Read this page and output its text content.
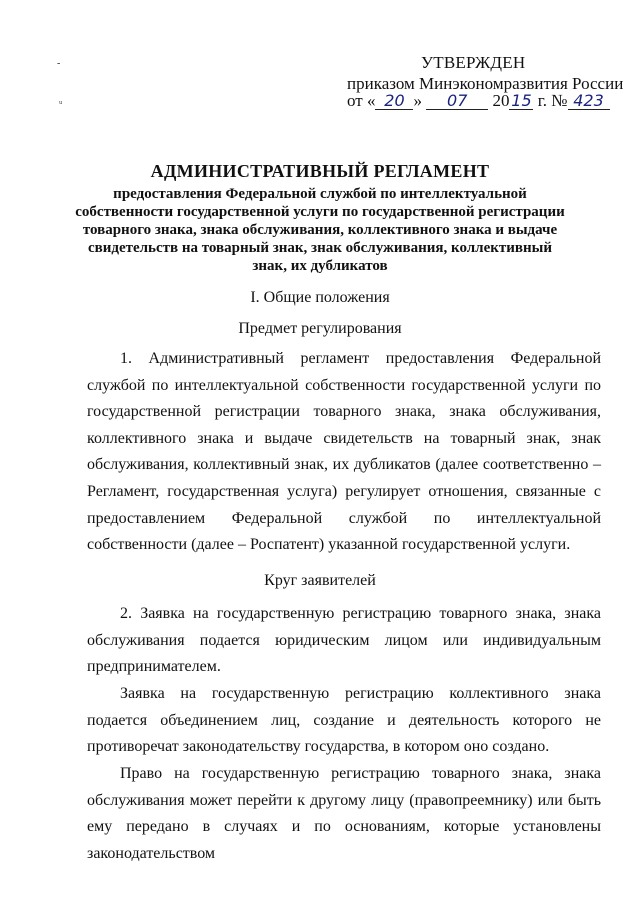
-
ᵤ
УТВЕРЖДЕН
приказом Минэкономразвития России
от « 20 » 07 20 15 г. № 423
АДМИНИСТРАТИВНЫЙ РЕГЛАМЕНТ
предоставления Федеральной службой по интеллектуальной собственности государственной услуги по государственной регистрации товарного знака, знака обслуживания, коллективного знака и выдаче свидетельств на товарный знак, знак обслуживания, коллективный знак, их дубликатов
I. Общие положения
Предмет регулирования
1. Административный регламент предоставления Федеральной службой по интеллектуальной собственности государственной услуги по государственной регистрации товарного знака, знака обслуживания, коллективного знака и выдаче свидетельств на товарный знак, знак обслуживания, коллективный знак, их дубликатов (далее соответственно – Регламент, государственная услуга) регулирует отношения, связанные с предоставлением Федеральной службой по интеллектуальной собственности (далее – Роспатент) указанной государственной услуги.
Круг заявителей
2. Заявка на государственную регистрацию товарного знака, знака обслуживания подается юридическим лицом или индивидуальным предпринимателем.
Заявка на государственную регистрацию коллективного знака подается объединением лиц, создание и деятельность которого не противоречат законодательству государства, в котором оно создано.
Право на государственную регистрацию товарного знака, знака обслуживания может перейти к другому лицу (правопреемнику) или быть ему передано в случаях и по основаниям, которые установлены законодательством
